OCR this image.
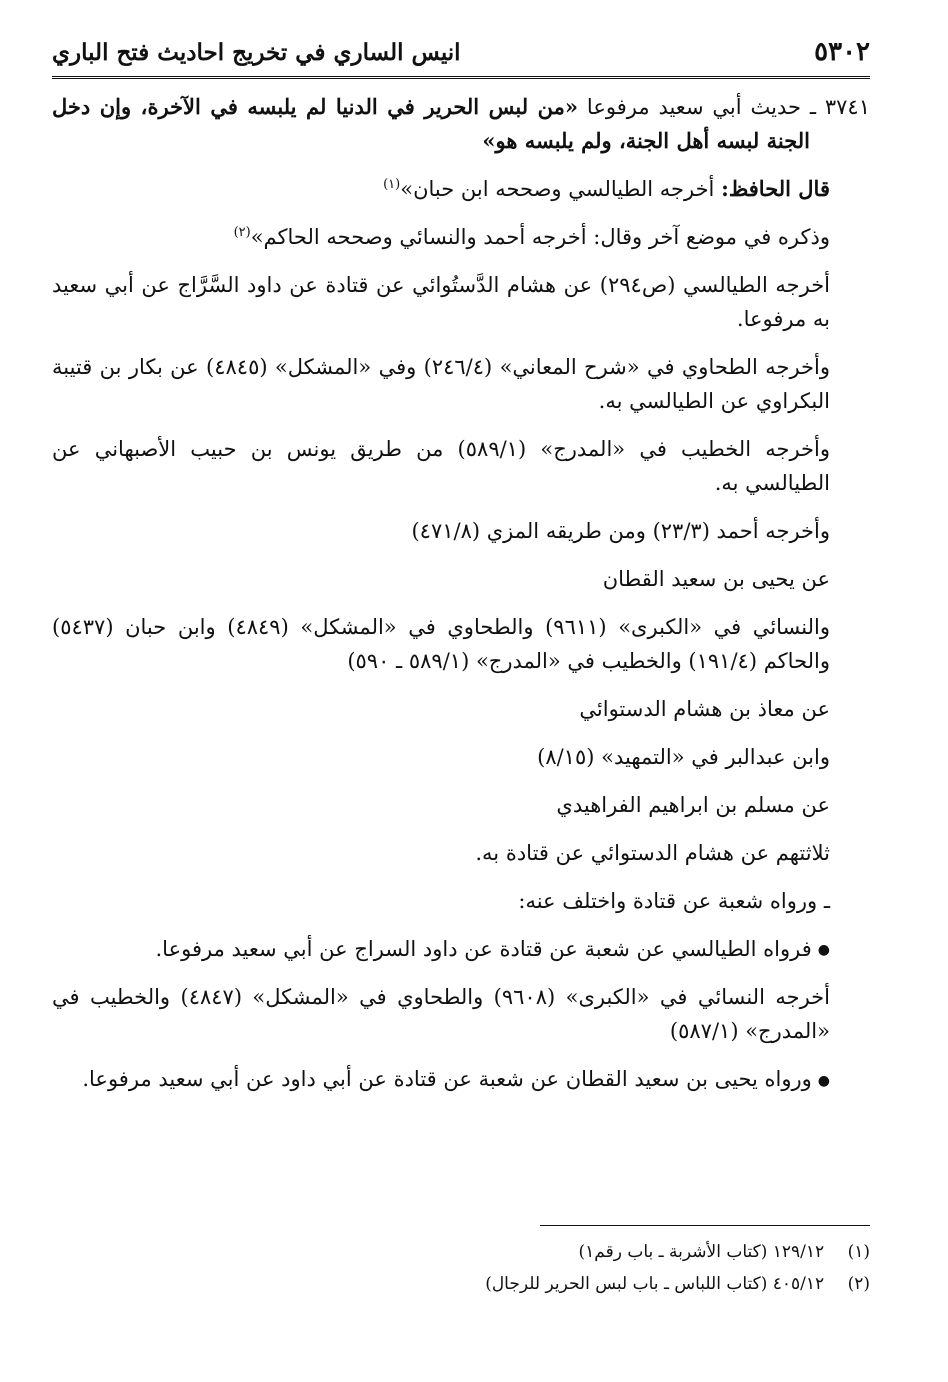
٥٣٠٢
انيس الساري في تخريج احاديث فتح الباري

٣٧٤١ ـ حديث أبي سعيد مرفوعا «من لبس الحرير في الدنيا لم يلبسه في الآخرة، وإن دخل الجنة لبسه أهل الجنة، ولم يلبسه هو»

قال الحافظ: أخرجه الطيالسي وصححه ابن حبان»$^{(١)}$

وذكره في موضع آخر وقال: أخرجه أحمد والنسائي وصححه الحاكم»$^{(٢)}$

أخرجه الطيالسي (ص٢٩٤) عن هشام الدَّستُوائي عن قتادة عن داود السَّرَّاج عن أبي سعيد به مرفوعا.

وأخرجه الطحاوي في «شرح المعاني» (٢٤٦/٤) وفي «المشكل» (٤٨٤٥) عن بكار بن قتيبة البكراوي عن الطيالسي به.

وأخرجه الخطيب في «المدرج» (٥٨٩/١) من طريق يونس بن حبيب الأصبهاني عن الطيالسي به.

وأخرجه أحمد (٢٣/٣) ومن طريقه المزي (٤٧١/٨)

عن يحيى بن سعيد القطان

والنسائي في «الكبرى» (٩٦١١) والطحاوي في «المشكل» (٤٨٤٩) وابن حبان (٥٤٣٧) والحاكم (١٩١/٤) والخطيب في «المدرج» (٥٨٩/١ ـ ٥٩٠)

عن معاذ بن هشام الدستوائي

وابن عبدالبر في «التمهيد» (٨/١٥)

عن مسلم بن ابراهيم الفراهيدي

ثلاثتهم عن هشام الدستوائي عن قتادة به.

ـ ورواه شعبة عن قتادة واختلف عنه:

●فرواه الطيالسي عن شعبة عن قتادة عن داود السراج عن أبي سعيد مرفوعا.

أخرجه النسائي في «الكبرى» (٩٦٠٨) والطحاوي في «المشكل» (٤٨٤٧) والخطيب في «المدرج» (٥٨٧/١)

●ورواه يحيى بن سعيد القطان عن شعبة عن قتادة عن أبي داود عن أبي سعيد مرفوعا.

(١) ١٢٩/١٢ (كتاب الأشربة ـ باب رقم١)

(٢) ٤٠٥/١٢ (كتاب اللباس ـ باب لبس الحرير للرجال)
